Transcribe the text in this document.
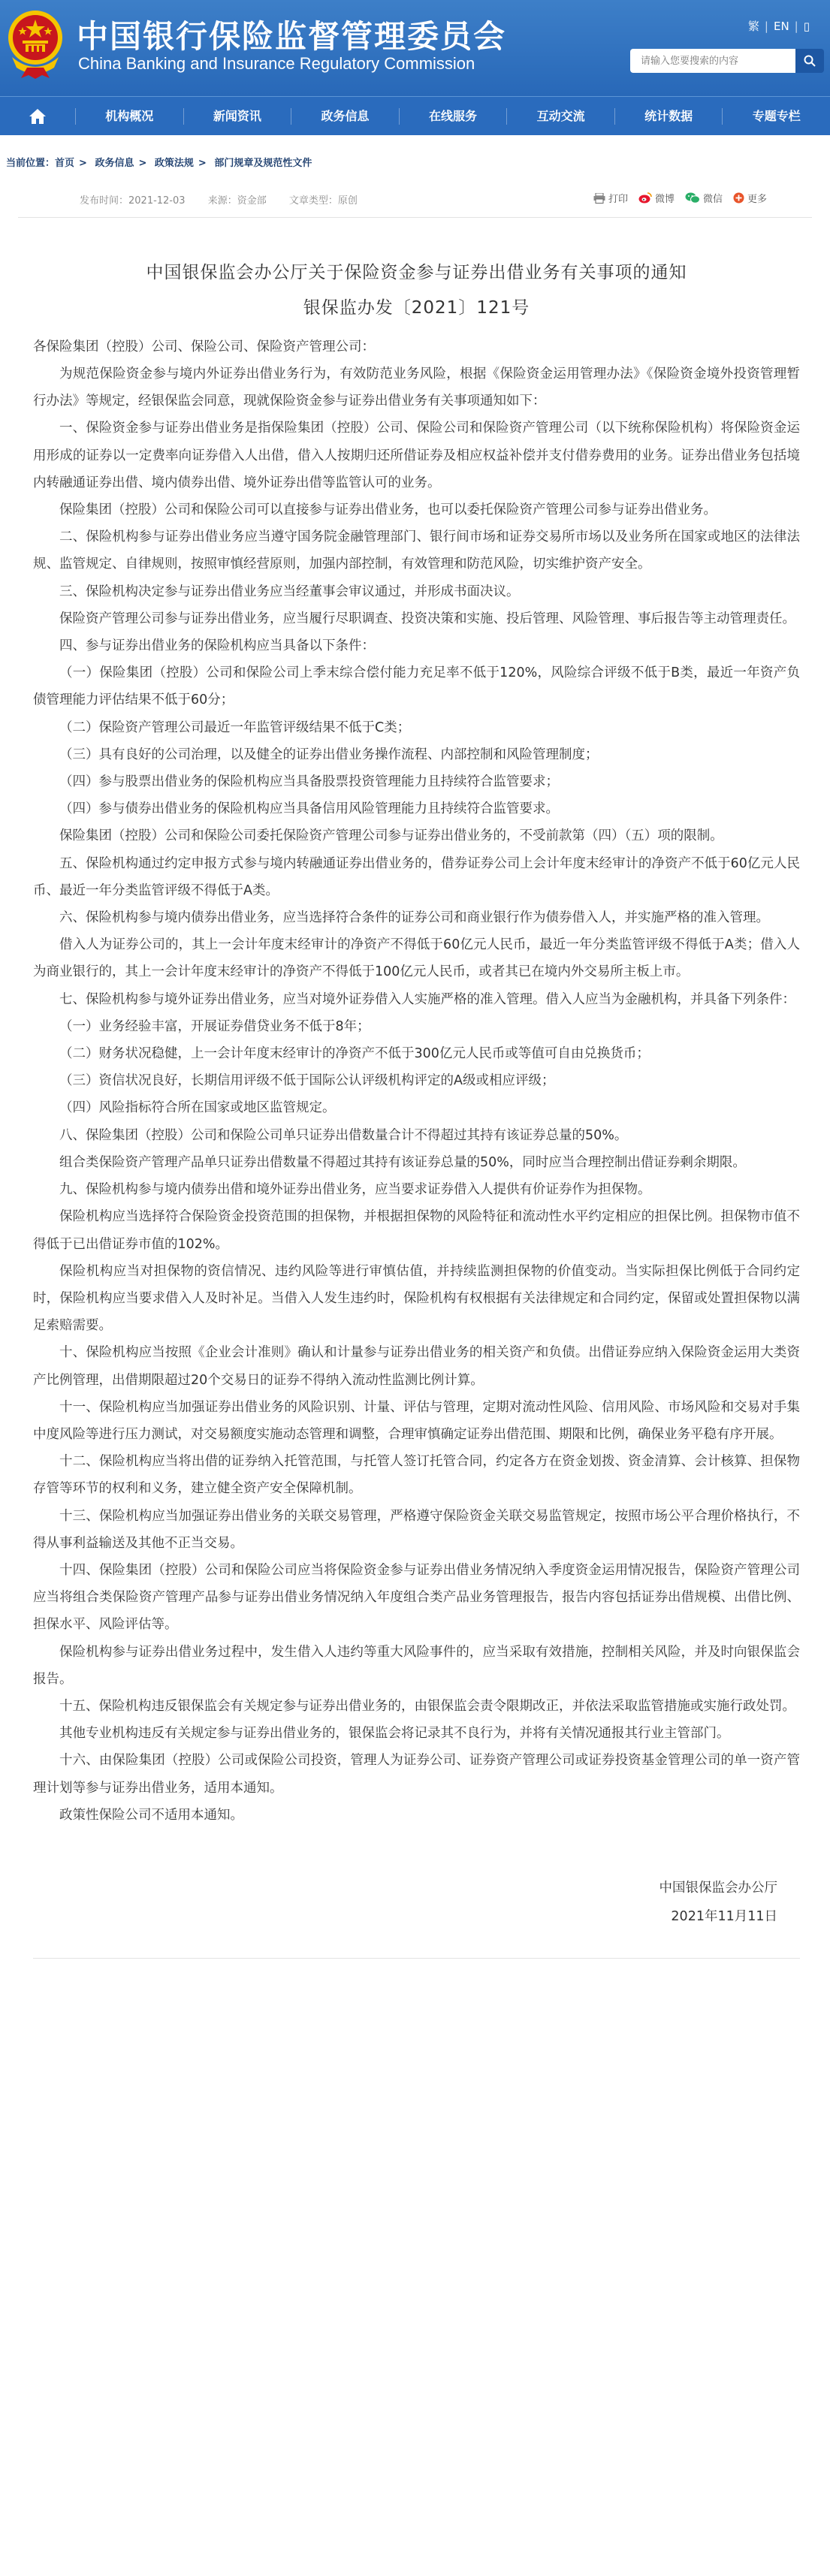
中国银行保险监督管理委员会
China Banking and Insurance Regulatory Commission
繁 | EN | ▯
请输入您要搜索的内容
机构概况	新闻资讯	政务信息	在线服务	互动交流	统计数据	专题专栏
当前位置：首页 > 政务信息 > 政策法规 > 部门规章及规范性文件
发布时间：2021-12-03 来源：资金部 文章类型：原创	打印	微博	微信	更多
中国银保监会办公厅关于保险资金参与证券出借业务有关事项的通知
银保监办发〔2021〕121号
各保险集团（控股）公司、保险公司、保险资产管理公司：

为规范保险资金参与境内外证券出借业务行为，有效防范业务风险，根据《保险资金运用管理办法》《保险资金境外投资管理暂行办法》等规定，经银保监会同意，现就保险资金参与证券出借业务有关事项通知如下：

一、保险资金参与证券出借业务是指保险集团（控股）公司、保险公司和保险资产管理公司（以下统称保险机构）将保险资金运用形成的证券以一定费率向证券借入人出借，借入人按期归还所借证券及相应权益补偿并支付借券费用的业务。证券出借业务包括境内转融通证券出借、境内债券出借、境外证券出借等监管认可的业务。

保险集团（控股）公司和保险公司可以直接参与证券出借业务，也可以委托保险资产管理公司参与证券出借业务。

二、保险机构参与证券出借业务应当遵守国务院金融管理部门、银行间市场和证券交易所市场以及业务所在国家或地区的法律法规、监管规定、自律规则，按照审慎经营原则，加强内部控制，有效管理和防范风险，切实维护资产安全。

三、保险机构决定参与证券出借业务应当经董事会审议通过，并形成书面决议。

保险资产管理公司参与证券出借业务，应当履行尽职调查、投资决策和实施、投后管理、风险管理、事后报告等主动管理责任。

四、参与证券出借业务的保险机构应当具备以下条件：

（一）保险集团（控股）公司和保险公司上季末综合偿付能力充足率不低于120%，风险综合评级不低于B类，最近一年资产负债管理能力评估结果不低于60分；

（二）保险资产管理公司最近一年监管评级结果不低于C类；

（三）具有良好的公司治理，以及健全的证券出借业务操作流程、内部控制和风险管理制度；

（四）参与股票出借业务的保险机构应当具备股票投资管理能力且持续符合监管要求；

（四）参与债券出借业务的保险机构应当具备信用风险管理能力且持续符合监管要求。

保险集团（控股）公司和保险公司委托保险资产管理公司参与证券出借业务的，不受前款第（四）（五）项的限制。

五、保险机构通过约定申报方式参与境内转融通证券出借业务的，借券证券公司上会计年度末经审计的净资产不低于60亿元人民币、最近一年分类监管评级不得低于A类。

六、保险机构参与境内债券出借业务，应当选择符合条件的证券公司和商业银行作为债券借入人，并实施严格的准入管理。

借入人为证券公司的，其上一会计年度末经审计的净资产不得低于60亿元人民币，最近一年分类监管评级不得低于A类；借入人为商业银行的，其上一会计年度末经审计的净资产不得低于100亿元人民币，或者其已在境内外交易所主板上市。

七、保险机构参与境外证券出借业务，应当对境外证券借入人实施严格的准入管理。借入人应当为金融机构，并具备下列条件：

（一）业务经验丰富，开展证券借贷业务不低于8年；

（二）财务状况稳健，上一会计年度末经审计的净资产不低于300亿元人民币或等值可自由兑换货币；

（三）资信状况良好，长期信用评级不低于国际公认评级机构评定的A级或相应评级；

（四）风险指标符合所在国家或地区监管规定。

八、保险集团（控股）公司和保险公司单只证券出借数量合计不得超过其持有该证券总量的50%。

组合类保险资产管理产品单只证券出借数量不得超过其持有该证券总量的50%，同时应当合理控制出借证券剩余期限。

九、保险机构参与境内债券出借和境外证券出借业务，应当要求证券借入人提供有价证券作为担保物。

保险机构应当选择符合保险资金投资范围的担保物，并根据担保物的风险特征和流动性水平约定相应的担保比例。担保物市值不得低于已出借证券市值的102%。

保险机构应当对担保物的资信情况、违约风险等进行审慎估值，并持续监测担保物的价值变动。当实际担保比例低于合同约定时，保险机构应当要求借入人及时补足。当借入人发生违约时，保险机构有权根据有关法律规定和合同约定，保留或处置担保物以满足索赔需要。

十、保险机构应当按照《企业会计准则》确认和计量参与证券出借业务的相关资产和负债。出借证券应纳入保险资金运用大类资产比例管理，出借期限超过20个交易日的证券不得纳入流动性监测比例计算。

十一、保险机构应当加强证券出借业务的风险识别、计量、评估与管理，定期对流动性风险、信用风险、市场风险和交易对手集中度风险等进行压力测试，对交易额度实施动态管理和调整，合理审慎确定证券出借范围、期限和比例，确保业务平稳有序开展。

十二、保险机构应当将出借的证券纳入托管范围，与托管人签订托管合同，约定各方在资金划拨、资金清算、会计核算、担保物存管等环节的权利和义务，建立健全资产安全保障机制。

十三、保险机构应当加强证券出借业务的关联交易管理，严格遵守保险资金关联交易监管规定，按照市场公平合理价格执行，不得从事利益输送及其他不正当交易。

十四、保险集团（控股）公司和保险公司应当将保险资金参与证券出借业务情况纳入季度资金运用情况报告，保险资产管理公司应当将组合类保险资产管理产品参与证券出借业务情况纳入年度组合类产品业务管理报告，报告内容包括证券出借规模、出借比例、担保水平、风险评估等。

保险机构参与证券出借业务过程中，发生借入人违约等重大风险事件的，应当采取有效措施，控制相关风险，并及时向银保监会报告。

十五、保险机构违反银保监会有关规定参与证券出借业务的，由银保监会责令限期改正，并依法采取监管措施或实施行政处罚。

其他专业机构违反有关规定参与证券出借业务的，银保监会将记录其不良行为，并将有关情况通报其行业主管部门。

十六、由保险集团（控股）公司或保险公司投资，管理人为证券公司、证券资产管理公司或证券投资基金管理公司的单一资产管理计划等参与证券出借业务，适用本通知。

政策性保险公司不适用本通知。

中国银保监会办公厅
2021年11月11日
